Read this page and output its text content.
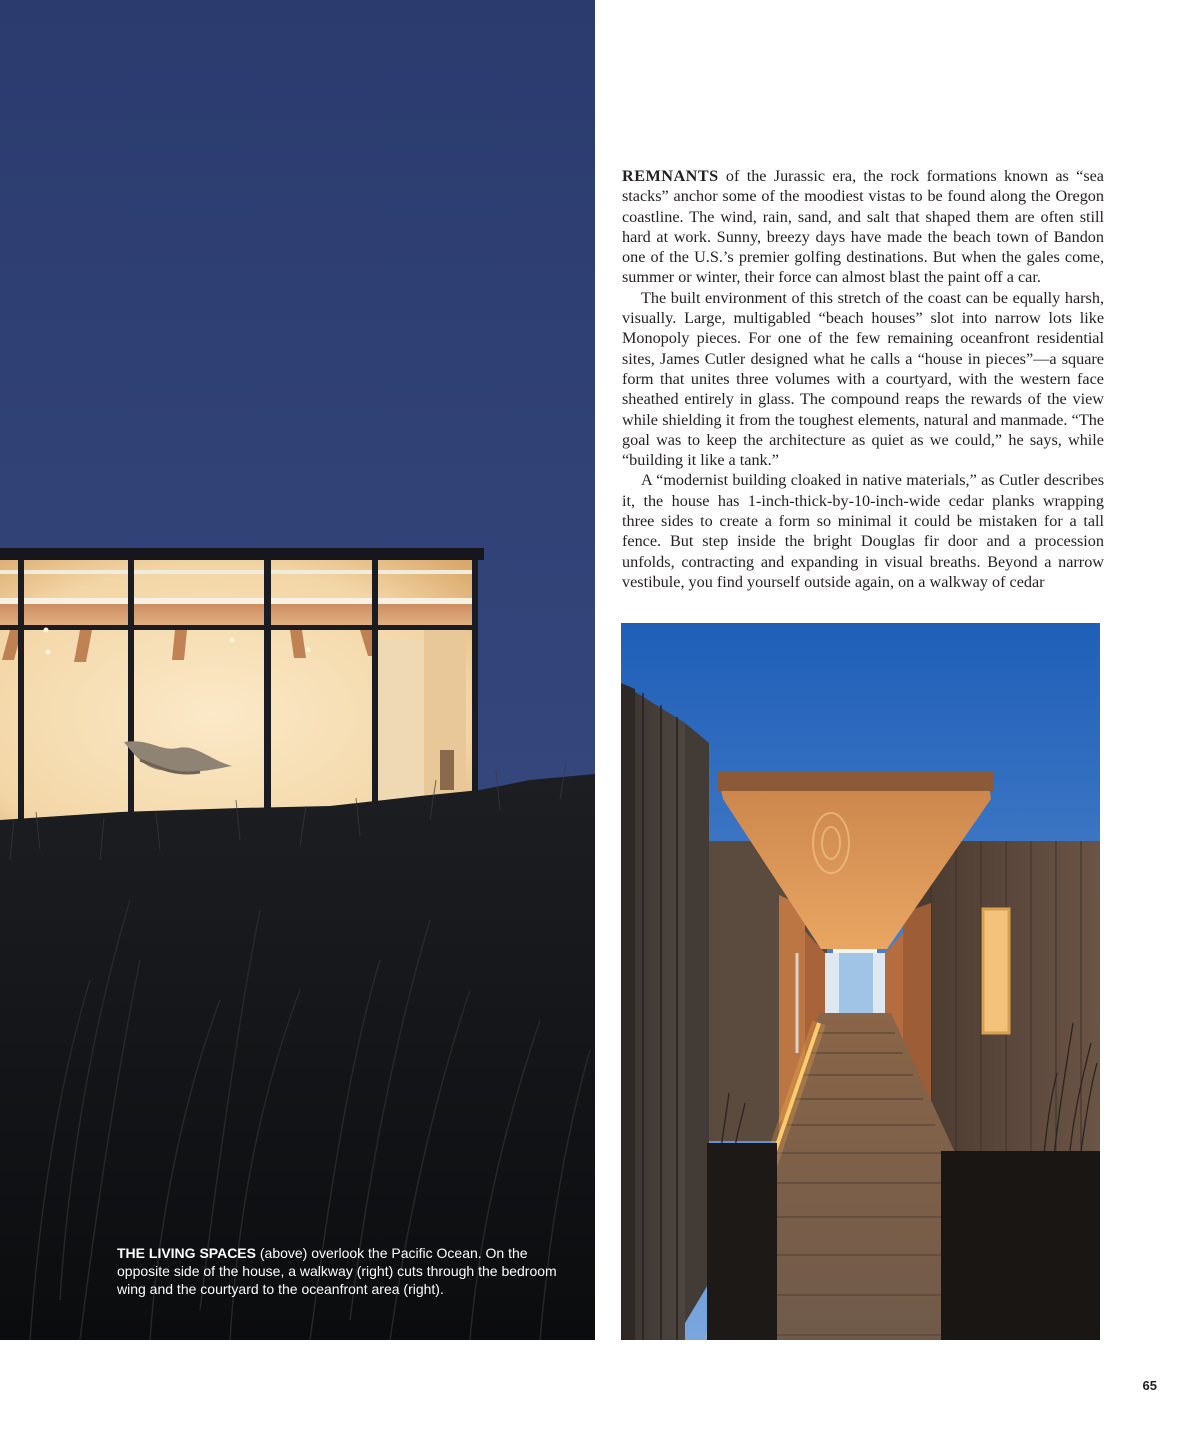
THE LIVING SPACES (above) overlook the Pacific Ocean. On the opposite side of the house, a walkway (right) cuts through the bedroom wing and the courtyard to the oceanfront area (right).

REMNANTS of the Jurassic era, the rock formations known as “sea stacks” anchor some of the moodiest vistas to be found along the Oregon coastline. The wind, rain, sand, and salt that shaped them are often still hard at work. Sunny, breezy days have made the beach town of Bandon one of the U.S.’s premier golfing destinations. But when the gales come, summer or winter, their force can almost blast the paint off a car.

The built environment of this stretch of the coast can be equally harsh, visually. Large, multigabled “beach houses” slot into narrow lots like Monopoly pieces. For one of the few remaining oceanfront residential sites, James Cutler designed what he calls a “house in pieces”—a square form that unites three volumes with a courtyard, with the western face sheathed entirely in glass. The compound reaps the rewards of the view while shielding it from the toughest elements, natural and manmade. “The goal was to keep the architecture as quiet as we could,” he says, while “building it like a tank.”

A “modernist building cloaked in native materials,” as Cutler describes it, the house has 1-inch-thick-by-10-inch-wide cedar planks wrapping three sides to create a form so minimal it could be mistaken for a tall fence. But step inside the bright Douglas fir door and a procession unfolds, contracting and expanding in visual breaths. Beyond a narrow vestibule, you find yourself outside again, on a walkway of cedar

65
